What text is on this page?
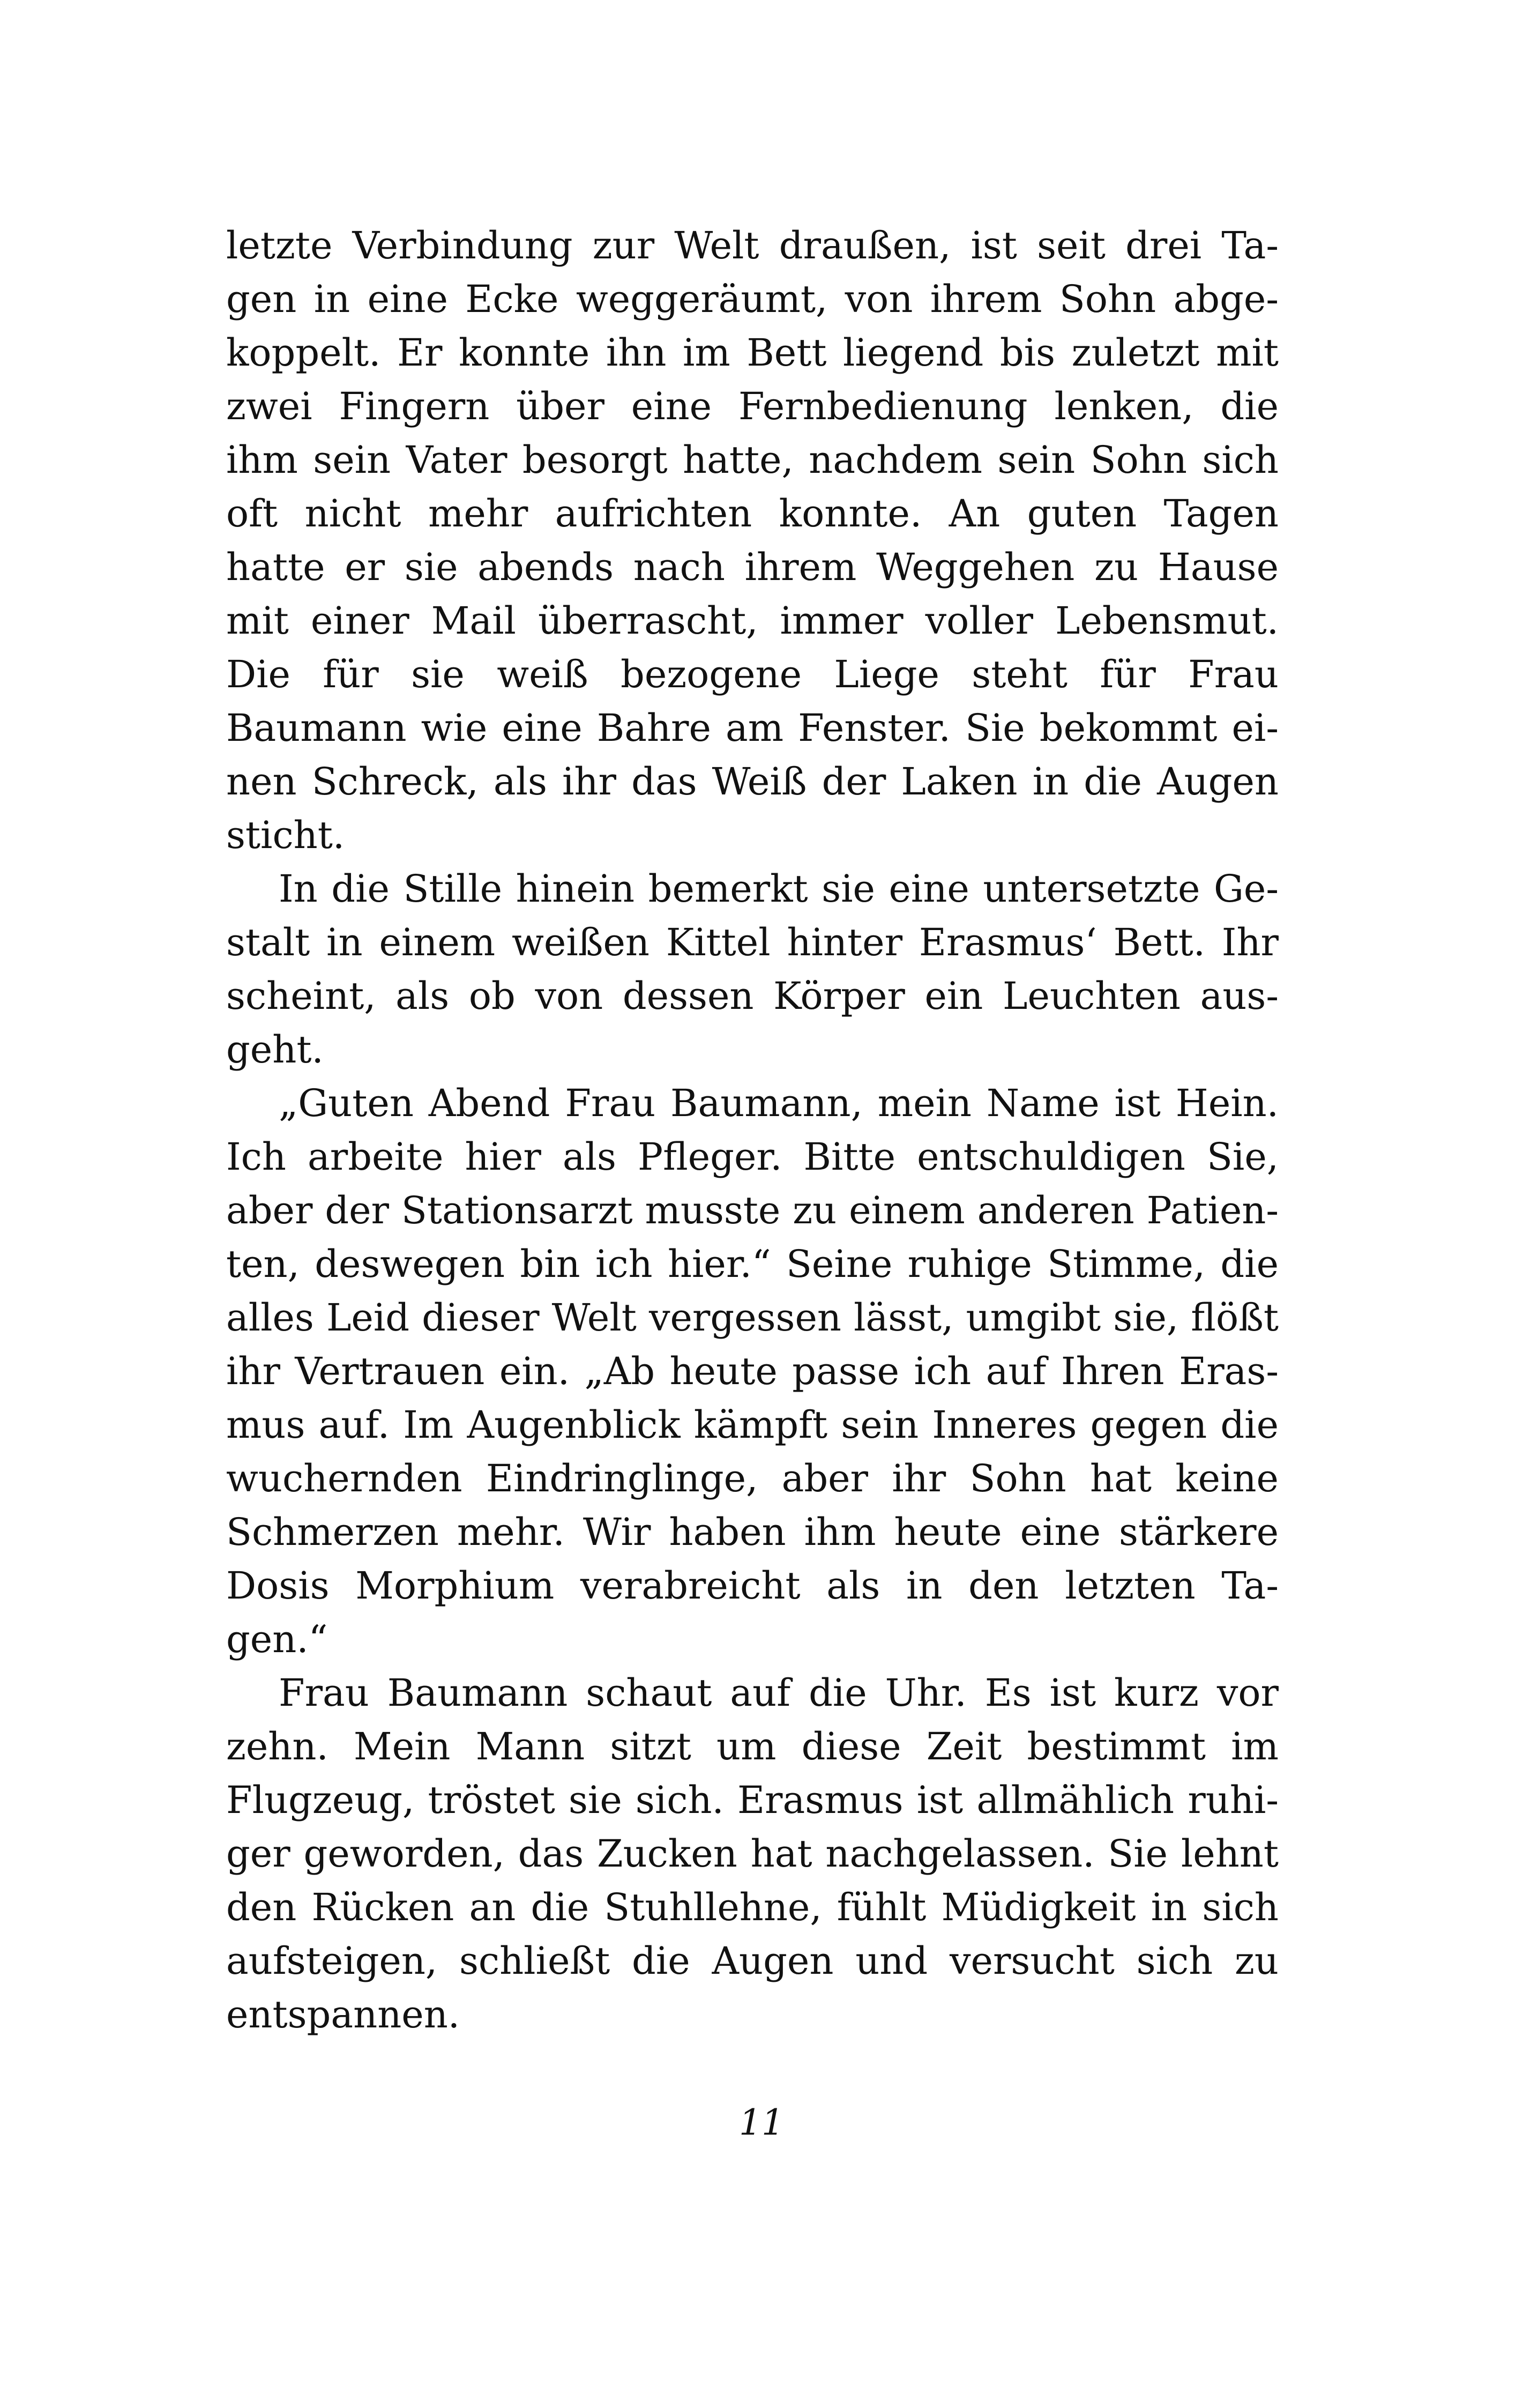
letzte Verbindung zur Welt draußen, ist seit drei Ta-
gen in eine Ecke weggeräumt, von ihrem Sohn abge-
koppelt. Er konnte ihn im Bett liegend bis zuletzt mit
zwei Fingern über eine Fernbedienung lenken, die
ihm sein Vater besorgt hatte, nachdem sein Sohn sich
oft nicht mehr aufrichten konnte. An guten Tagen
hatte er sie abends nach ihrem Weggehen zu Hause
mit einer Mail überrascht, immer voller Lebensmut.
Die für sie weiß bezogene Liege steht für Frau
Baumann wie eine Bahre am Fenster. Sie bekommt ei-
nen Schreck, als ihr das Weiß der Laken in die Augen
sticht.
In die Stille hinein bemerkt sie eine untersetzte Ge-
stalt in einem weißen Kittel hinter Erasmus‘ Bett. Ihr
scheint, als ob von dessen Körper ein Leuchten aus-
geht.
„Guten Abend Frau Baumann, mein Name ist Hein.
Ich arbeite hier als Pfleger. Bitte entschuldigen Sie,
aber der Stationsarzt musste zu einem anderen Patien-
ten, deswegen bin ich hier.“ Seine ruhige Stimme, die
alles Leid dieser Welt vergessen lässt, umgibt sie, flößt
ihr Vertrauen ein. „Ab heute passe ich auf Ihren Eras-
mus auf. Im Augenblick kämpft sein Inneres gegen die
wuchernden Eindringlinge, aber ihr Sohn hat keine
Schmerzen mehr. Wir haben ihm heute eine stärkere
Dosis Morphium verabreicht als in den letzten Ta-
gen.“
Frau Baumann schaut auf die Uhr. Es ist kurz vor
zehn. Mein Mann sitzt um diese Zeit bestimmt im
Flugzeug, tröstet sie sich. Erasmus ist allmählich ruhi-
ger geworden, das Zucken hat nachgelassen. Sie lehnt
den Rücken an die Stuhllehne, fühlt Müdigkeit in sich
aufsteigen, schließt die Augen und versucht sich zu
entspannen.
11
